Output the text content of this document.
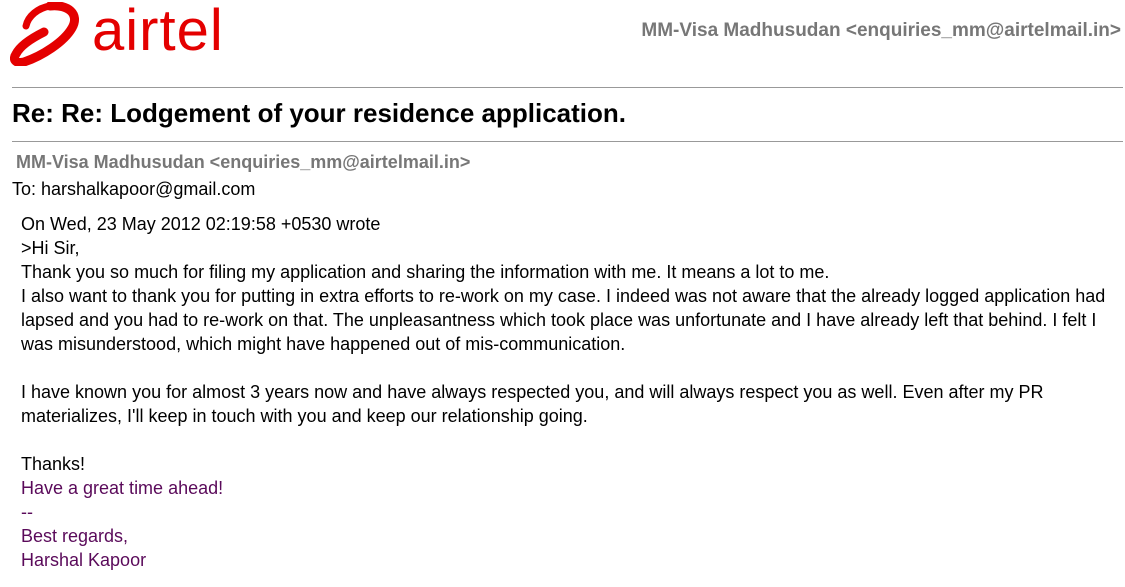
airtel	MM-Visa Madhusudan <enquiries_mm@airtelmail.in>
Re: Re: Lodgement of your residence application.
MM-Visa Madhusudan <enquiries_mm@airtelmail.in>
To: harshalkapoor@gmail.com

On Wed, 23 May 2012 02:19:58 +0530 wrote

>Hi Sir,

Thank you so much for filing my application and sharing the information with me. It means a lot to me.

I also want to thank you for putting in extra efforts to re-work on my case. I indeed was not aware that the already logged application had lapsed and you had to re-work on that. The unpleasantness which took place was unfortunate and I have already left that behind. I felt I was misunderstood, which might have happened out of mis-communication.

I have known you for almost 3 years now and have always respected you, and will always respect you as well. Even after my PR materializes, I'll keep in touch with you and keep our relationship going.

Thanks!

Have a great time ahead!

--

Best regards,

Harshal Kapoor
